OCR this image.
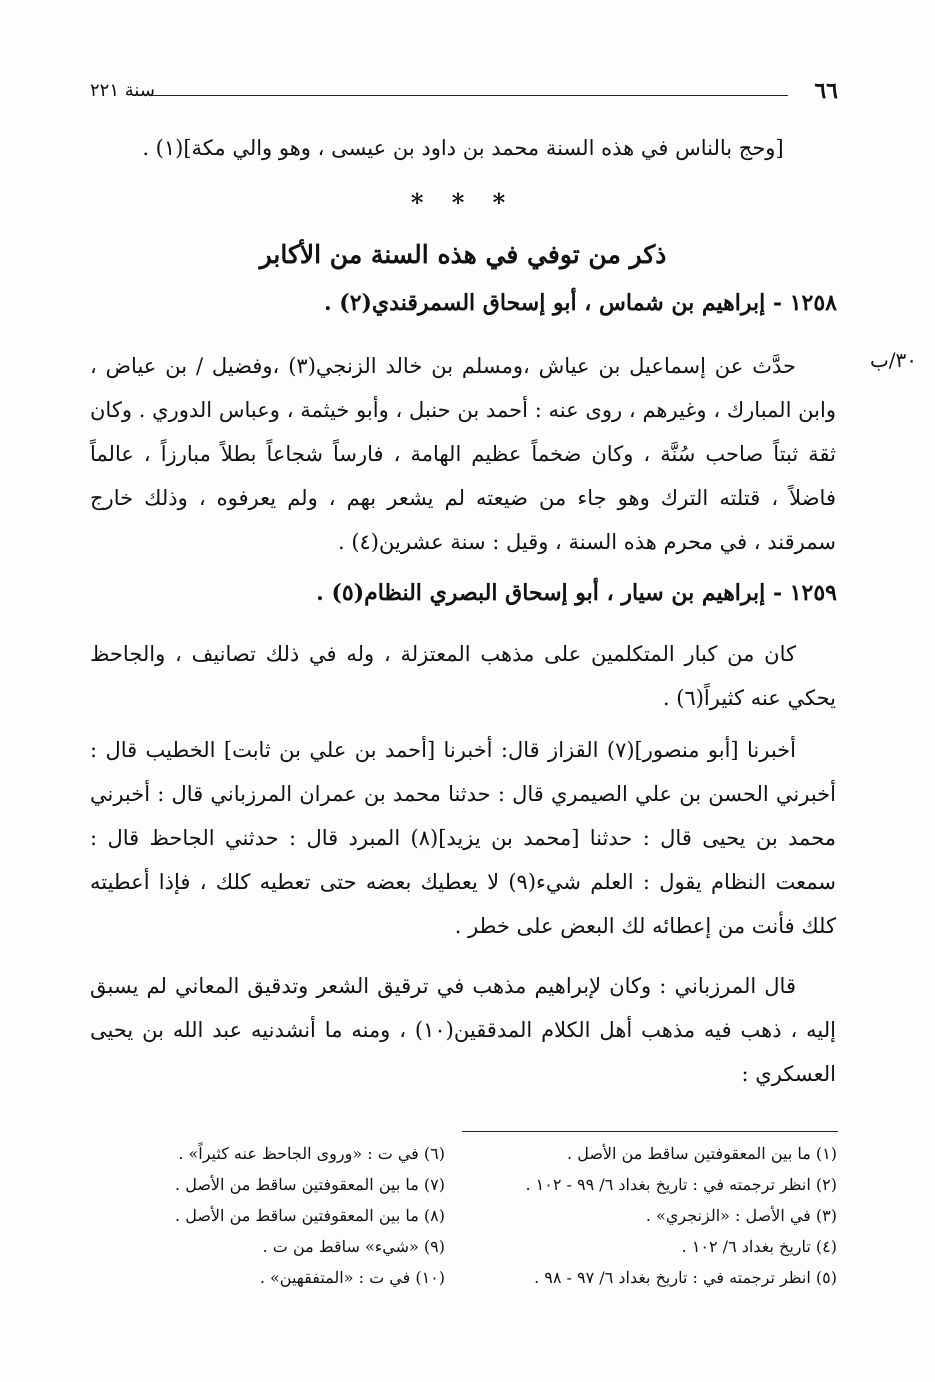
٦٦
سنة ٢٢١
[وحج بالناس في هذه السنة محمد بن داود بن عيسى ، وهو والي مكة](١) .
* * *
ذكر من توفي في هذه السنة من الأكابر
١٢٥٨ - إبراهيم بن شماس ، أبو إسحاق السمرقندي(٢) .
٣٠/ب
حدَّث عن إسماعيل بن عياش ،ومسلم بن خالد الزنجي(٣) ،وفضيل / بن عياض ، وابن المبارك ، وغيرهم ، روى عنه : أحمد بن حنبل ، وأبو خيثمة ، وعباس الدوري . وكان ثقة ثبتاً صاحب سُنَّة ، وكان ضخماً عظيم الهامة ، فارساً شجاعاً بطلاً مبارزاً ، عالماً فاضلاً ، قتلته الترك وهو جاء من ضيعته لم يشعر بهم ، ولم يعرفوه ، وذلك خارج سمرقند ، في محرم هذه السنة ، وقيل : سنة عشرين(٤) .
١٢٥٩ - إبراهيم بن سيار ، أبو إسحاق البصري النظام(٥) .
كان من كبار المتكلمين على مذهب المعتزلة ، وله في ذلك تصانيف ، والجاحظ يحكي عنه كثيراً(٦) .
أخبرنا [أبو منصور](٧) القزاز قال: أخبرنا [أحمد بن علي بن ثابت] الخطيب قال : أخبرني الحسن بن علي الصيمري قال : حدثنا محمد بن عمران المرزباني قال : أخبرني محمد بن يحيى قال : حدثنا [محمد بن يزيد](٨) المبرد قال : حدثني الجاحظ قال : سمعت النظام يقول : العلم شيء(٩) لا يعطيك بعضه حتى تعطيه كلك ، فإذا أعطيته كلك فأنت من إعطائه لك البعض على خطر .
قال المرزباني : وكان لإبراهيم مذهب في ترقيق الشعر وتدقيق المعاني لم يسبق إليه ، ذهب فيه مذهب أهل الكلام المدققين(١٠) ، ومنه ما أنشدنيه عبد الله بن يحيى العسكري :
(١) ما بين المعقوفتين ساقط من الأصل .
(٢) انظر ترجمته في : تاريخ بغداد ٦/ ٩٩ - ١٠٢ .
(٣) في الأصل : «الزنجري» .
(٤) تاريخ بغداد ٦/ ١٠٢ .
(٥) انظر ترجمته في : تاريخ بغداد ٦/ ٩٧ - ٩٨ .
(٦) في ت : «وروى الجاحظ عنه كثيراً» .
(٧) ما بين المعقوفتين ساقط من الأصل .
(٨) ما بين المعقوفتين ساقط من الأصل .
(٩) «شيء» ساقط من ت .
(١٠) في ت : «المتفقهين» .
